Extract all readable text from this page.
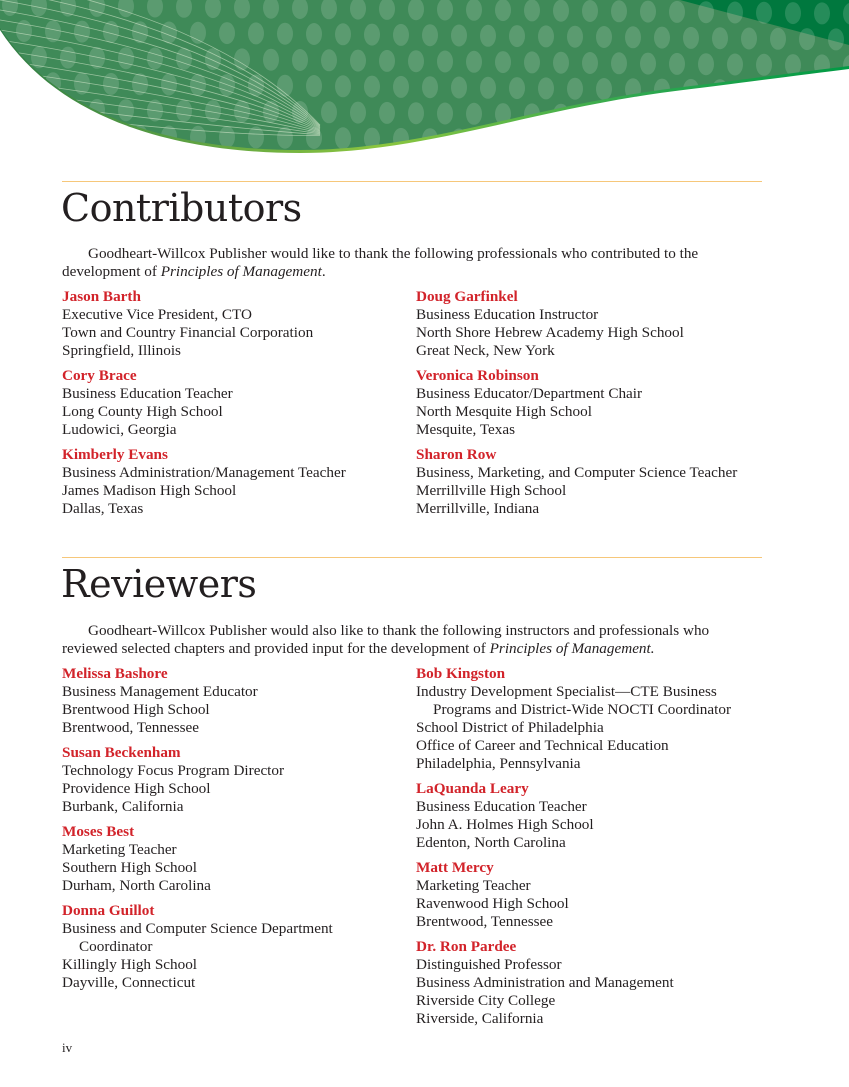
Contributors

Goodheart-Willcox Publisher would like to thank the following professionals who contributed to the development of Principles of Management.

Jason Barth
Executive Vice President, CTO
Town and Country Financial Corporation
Springfield, Illinois
Cory Brace
Business Education Teacher
Long County High School
Ludowici, Georgia
Kimberly Evans
Business Administration/Management Teacher
James Madison High School
Dallas, Texas
Doug Garfinkel
Business Education Instructor
North Shore Hebrew Academy High School
Great Neck, New York
Veronica Robinson
Business Educator/Department Chair
North Mesquite High School
Mesquite, Texas
Sharon Row
Business, Marketing, and Computer Science Teacher
Merrillville High School
Merrillville, Indiana
Reviewers

Goodheart-Willcox Publisher would also like to thank the following instructors and professionals who reviewed selected chapters and provided input for the development of Principles of Management.

Melissa Bashore
Business Management Educator
Brentwood High School
Brentwood, Tennessee
Susan Beckenham
Technology Focus Program Director
Providence High School
Burbank, California
Moses Best
Marketing Teacher
Southern High School
Durham, North Carolina
Donna Guillot
Business and Computer Science Department
Coordinator
Killingly High School
Dayville, Connecticut
Bob Kingston
Industry Development Specialist—CTE Business
Programs and District-Wide NOCTI Coordinator
School District of Philadelphia
Office of Career and Technical Education
Philadelphia, Pennsylvania
LaQuanda Leary
Business Education Teacher
John A. Holmes High School
Edenton, North Carolina
Matt Mercy
Marketing Teacher
Ravenwood High School
Brentwood, Tennessee
Dr. Ron Pardee
Distinguished Professor
Business Administration and Management
Riverside City College
Riverside, California
iv
